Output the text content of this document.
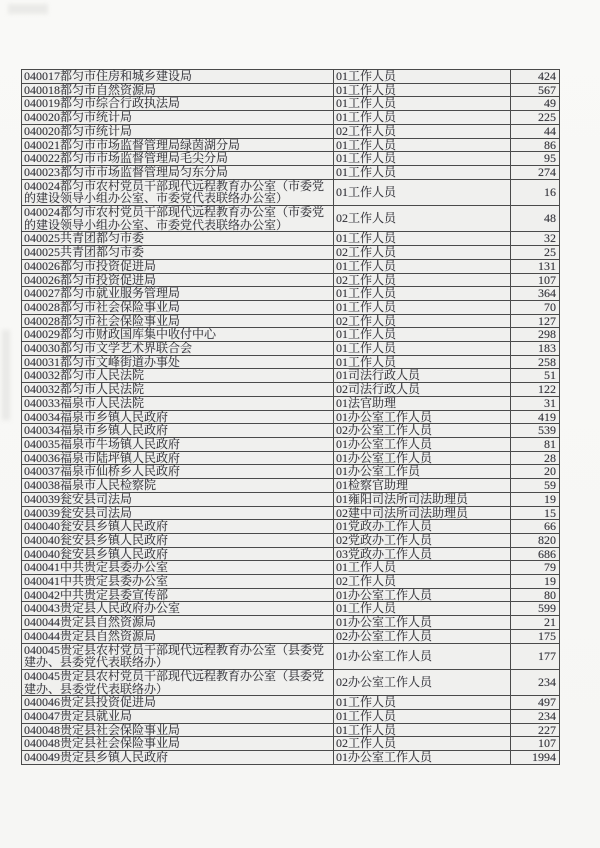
040017都匀市住房和城乡建设局	01工作人员	424
040018都匀市自然资源局	01工作人员	567
040019都匀市综合行政执法局	01工作人员	49
040020都匀市统计局	01工作人员	225
040020都匀市统计局	02工作人员	44
040021都匀市市场监督管理局绿茵湖分局	01工作人员	86
040022都匀市市场监督管理局毛尖分局	01工作人员	95
040023都匀市市场监督管理局匀东分局	01工作人员	274
040024都匀市农村党员干部现代远程教育办公室（市委党的建设领导小组办公室、市委党代表联络办公室）	01工作人员	16
040024都匀市农村党员干部现代远程教育办公室（市委党的建设领导小组办公室、市委党代表联络办公室）	02工作人员	48
040025共青团都匀市委	01工作人员	32
040025共青团都匀市委	02工作人员	25
040026都匀市投资促进局	01工作人员	131
040026都匀市投资促进局	02工作人员	107
040027都匀市就业服务管理局	01工作人员	364
040028都匀市社会保险事业局	01工作人员	70
040028都匀市社会保险事业局	02工作人员	127
040029都匀市财政国库集中收付中心	01工作人员	298
040030都匀市文学艺术界联合会	01工作人员	183
040031都匀市文峰街道办事处	01工作人员	258
040032都匀市人民法院	01司法行政人员	51
040032都匀市人民法院	02司法行政人员	122
040033福泉市人民法院	01法官助理	31
040034福泉市乡镇人民政府	01办公室工作人员	419
040034福泉市乡镇人民政府	02办公室工作人员	539
040035福泉市牛场镇人民政府	01办公室工作人员	81
040036福泉市陆坪镇人民政府	01办公室工作人员	28
040037福泉市仙桥乡人民政府	01办公室工作员	20
040038福泉市人民检察院	01检察官助理	59
040039瓮安县司法局	01雍阳司法所司法助理员	19
040039瓮安县司法局	02建中司法所司法助理员	15
040040瓮安县乡镇人民政府	01党政办工作人员	66
040040瓮安县乡镇人民政府	02党政办工作人员	820
040040瓮安县乡镇人民政府	03党政办工作人员	686
040041中共贵定县委办公室	01工作人员	79
040041中共贵定县委办公室	02工作人员	19
040042中共贵定县委宣传部	01办公室工作人员	80
040043贵定县人民政府办公室	01工作人员	599
040044贵定县自然资源局	01办公室工作人员	21
040044贵定县自然资源局	02办公室工作人员	175
040045贵定县农村党员干部现代远程教育办公室（县委党建办、县委党代表联络办）	01办公室工作人员	177
040045贵定县农村党员干部现代远程教育办公室（县委党建办、县委党代表联络办）	02办公室工作人员	234
040046贵定县投资促进局	01工作人员	497
040047贵定县就业局	01工作人员	234
040048贵定县社会保险事业局	01工作人员	227
040048贵定县社会保险事业局	02工作人员	107
040049贵定县乡镇人民政府	01办公室工作人员	1994
